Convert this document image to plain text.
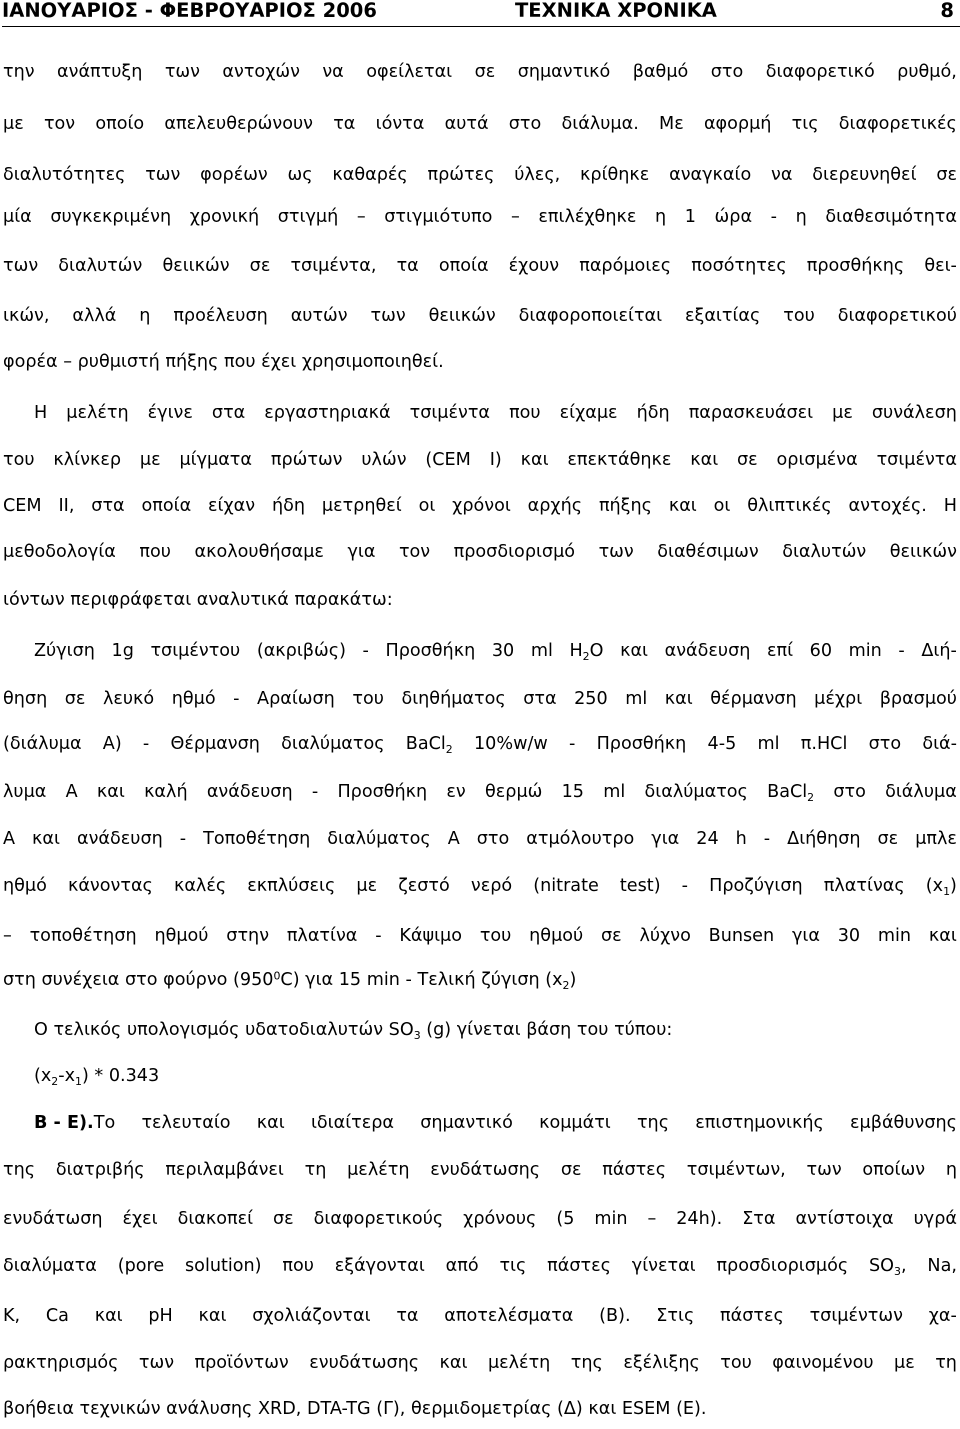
ΙΑΝΟΥΑΡΙΟΣ - ΦΕΒΡΟΥΑΡΙΟΣ 2006	ΤΕΧΝΙΚΑ ΧΡΟΝΙΚΑ	8
την ανάπτυξη των αντοχών να οφείλεται σε σημαντικό βαθμό στο διαφορετικό ρυθμό,
με τον οποίο απελευθερώνουν τα ιόντα αυτά στο διάλυμα. Με αφορμή τις διαφορετικές
διαλυτότητες των φορέων ως καθαρές πρώτες ύλες, κρίθηκε αναγκαίο να διερευνηθεί σε
μία συγκεκριμένη χρονική στιγμή – στιγμιότυπο – επιλέχθηκε η 1 ώρα - η διαθεσιμότητα
των διαλυτών θειικών σε τσιμέντα, τα οποία έχουν παρόμοιες ποσότητες προσθήκης θει-
ικών, αλλά η προέλευση αυτών των θειικών διαφοροποιείται εξαιτίας του διαφορετικού
φορέα – ρυθμιστή πήξης που έχει χρησιμοποιηθεί.
Η μελέτη έγινε στα εργαστηριακά τσιμέντα που είχαμε ήδη παρασκευάσει με συνάλεση
του κλίνκερ με μίγματα πρώτων υλών (CEM I) και επεκτάθηκε και σε ορισμένα τσιμέντα
CEM II, στα οποία είχαν ήδη μετρηθεί οι χρόνοι αρχής πήξης και οι θλιπτικές αντοχές. Η
μεθοδολογία που ακολουθήσαμε για τον προσδιορισμό των διαθέσιμων διαλυτών θειικών
ιόντων περιφράφεται αναλυτικά παρακάτω:
Ζύγιση 1g τσιμέντου (ακριβώς) - Προσθήκη 30 ml $H_2O$ και ανάδευση επί 60 min - Διή-
θηση σε λευκό ηθμό - Αραίωση του διηθήματος στα 250 ml και θέρμανση μέχρι βρασμού
(διάλυμα Α) - Θέρμανση διαλύματος BaCl$_2$ 10%w/w - Προσθήκη 4-5 ml π.HCl στο διά-
λυμα Α και καλή ανάδευση - Προσθήκη εν θερμώ 15 ml διαλύματος BaCl$_2$ στο διάλυμα
Α και ανάδευση - Τοποθέτηση διαλύματος Α στο ατμόλουτρο για 24 h - Διήθηση σε μπλε
ηθμό κάνοντας καλές εκπλύσεις με ζεστό νερό (nitrate test) - Προζύγιση πλατίνας $(x_1)$
– τοποθέτηση ηθμού στην πλατίνα - Κάψιμο του ηθμού σε λύχνο Bunsen για 30 min και
στη συνέχεια στο φούρνο $(950^0C)$ για 15 min - Τελική ζύγιση $(x_2)$
Ο τελικός υπολογισμός υδατοδιαλυτών $SO_3$ (g) γίνεται βάση του τύπου:
$(x_2-x_1) * 0.343$
Β - Ε).Το τελευταίο και ιδιαίτερα σημαντικό κομμάτι της επιστημονικής εμβάθυνσης
της διατριβής περιλαμβάνει τη μελέτη ενυδάτωσης σε πάστες τσιμέντων, των οποίων η
ενυδάτωση έχει διακοπεί σε διαφορετικούς χρόνους (5 min – 24h). Στα αντίστοιχα υγρά
διαλύματα (pore solution) που εξάγονται από τις πάστες γίνεται προσδιορισμός $SO_3$, Na,
K, Ca και pH και σχολιάζονται τα αποτελέσματα (Β). Στις πάστες τσιμέντων χα-
ρακτηρισμός των προϊόντων ενυδάτωσης και μελέτη της εξέλιξης του φαινομένου με τη
βοήθεια τεχνικών ανάλυσης XRD, DTA-TG (Γ), θερμιδομετρίας (Δ) και ESEM (Ε).
